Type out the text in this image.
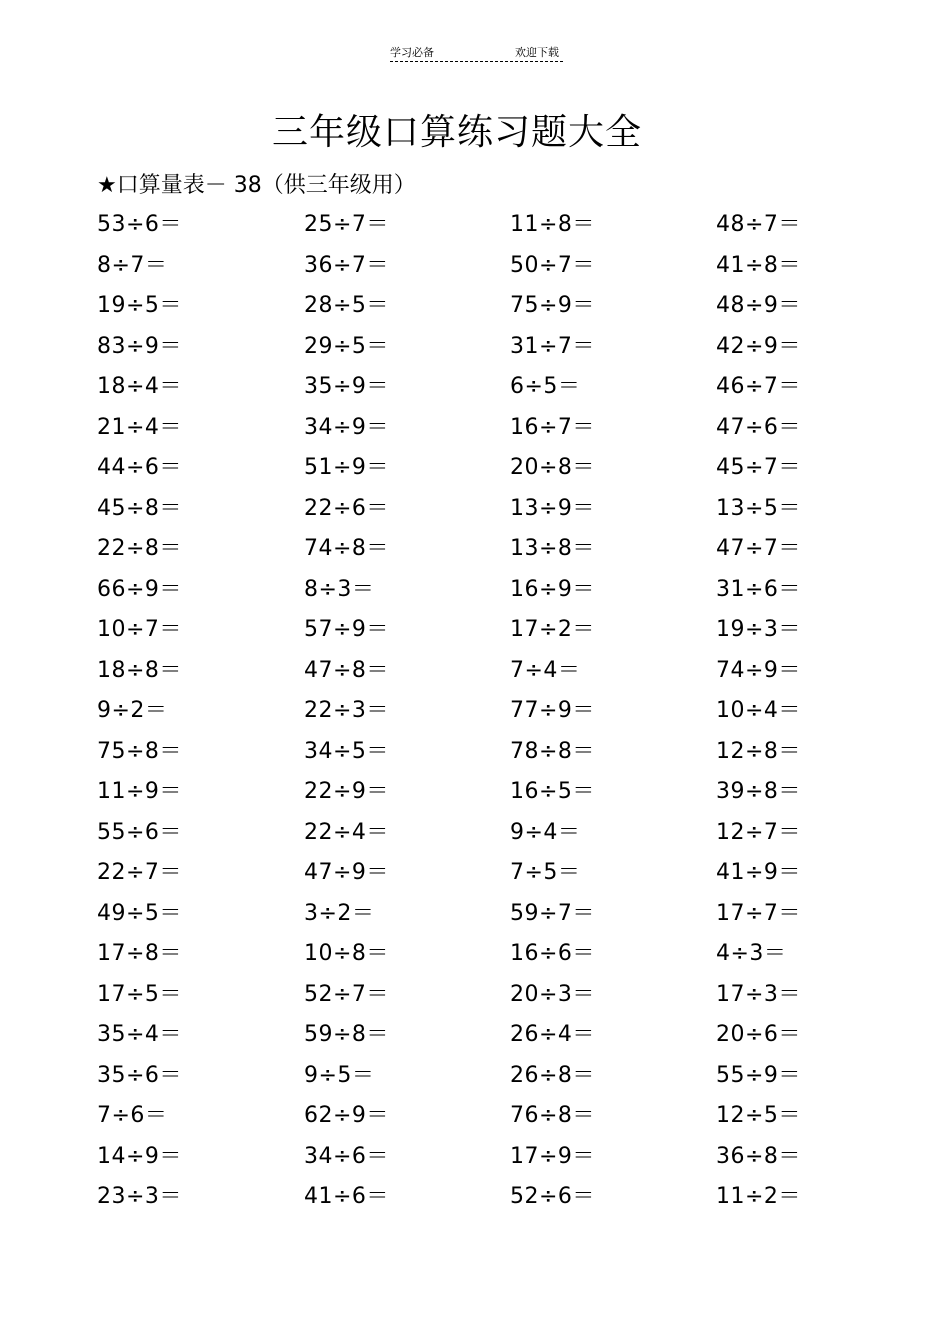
学习必备	欢迎下载
三年级口算练习题大全
★口算量表－ 38（供三年级用）
53÷6＝	25÷7＝	11÷8＝	48÷7＝
8÷7＝	36÷7＝	50÷7＝	41÷8＝
19÷5＝	28÷5＝	75÷9＝	48÷9＝
83÷9＝	29÷5＝	31÷7＝	42÷9＝
18÷4＝	35÷9＝	6÷5＝	46÷7＝
21÷4＝	34÷9＝	16÷7＝	47÷6＝
44÷6＝	51÷9＝	20÷8＝	45÷7＝
45÷8＝	22÷6＝	13÷9＝	13÷5＝
22÷8＝	74÷8＝	13÷8＝	47÷7＝
66÷9＝	8÷3＝	16÷9＝	31÷6＝
10÷7＝	57÷9＝	17÷2＝	19÷3＝
18÷8＝	47÷8＝	7÷4＝	74÷9＝
9÷2＝	22÷3＝	77÷9＝	10÷4＝
75÷8＝	34÷5＝	78÷8＝	12÷8＝
11÷9＝	22÷9＝	16÷5＝	39÷8＝
55÷6＝	22÷4＝	9÷4＝	12÷7＝
22÷7＝	47÷9＝	7÷5＝	41÷9＝
49÷5＝	3÷2＝	59÷7＝	17÷7＝
17÷8＝	10÷8＝	16÷6＝	4÷3＝
17÷5＝	52÷7＝	20÷3＝	17÷3＝
35÷4＝	59÷8＝	26÷4＝	20÷6＝
35÷6＝	9÷5＝	26÷8＝	55÷9＝
7÷6＝	62÷9＝	76÷8＝	12÷5＝
14÷9＝	34÷6＝	17÷9＝	36÷8＝
23÷3＝	41÷6＝	52÷6＝	11÷2＝
